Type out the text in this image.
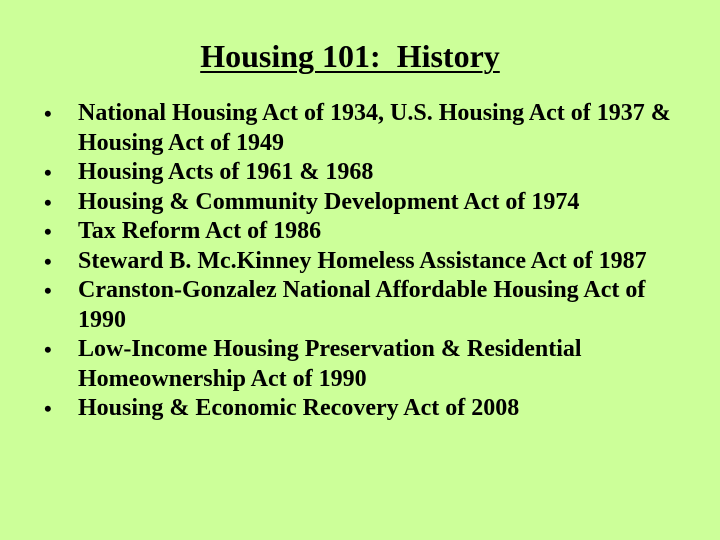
Housing 101:  History
•	National Housing Act of 1934, U.S. Housing Act of 1937 & Housing Act of 1949
•	Housing Acts of 1961 & 1968
•	Housing & Community Development Act of 1974
•	Tax Reform Act of 1986
•	Steward B. Mc.Kinney Homeless Assistance Act of 1987
•	Cranston-Gonzalez National Affordable Housing Act of 1990
•	Low-Income Housing Preservation & Residential Homeownership Act of 1990
•	Housing & Economic Recovery Act of 2008
